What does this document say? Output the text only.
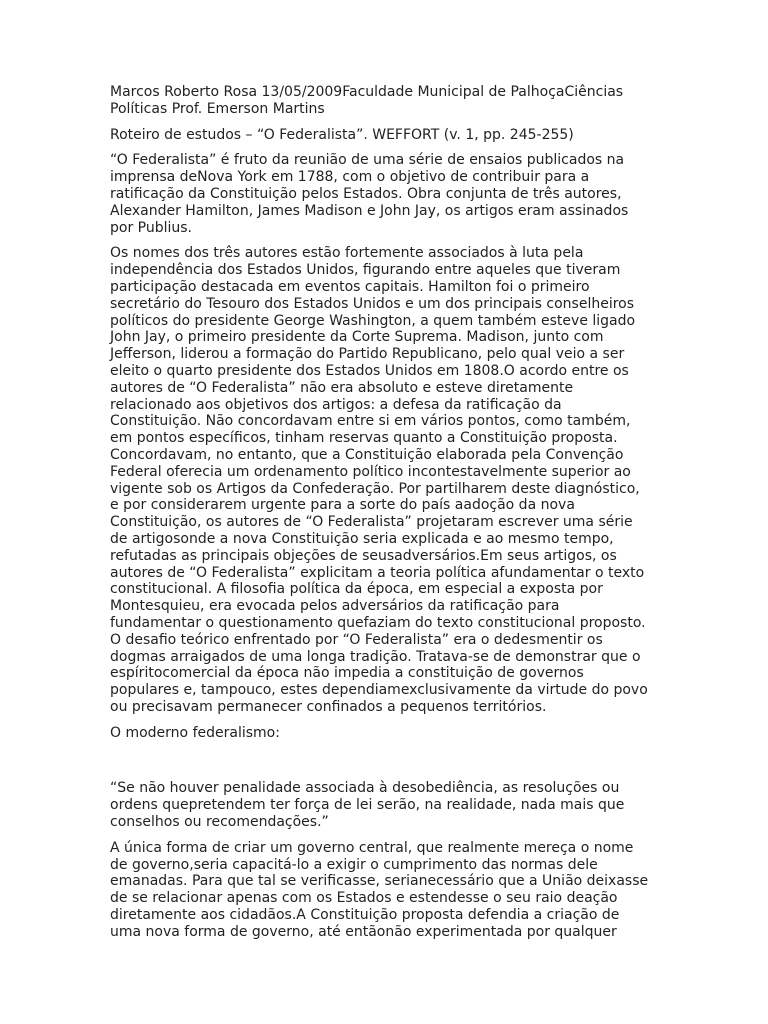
Marcos Roberto Rosa 13/05/2009Faculdade Municipal de PalhoçaCiências
Políticas Prof. Emerson Martins

Roteiro de estudos – “O Federalista”. WEFFORT (v. 1, pp. 245-255)

“O Federalista” é fruto da reunião de uma série de ensaios publicados na
imprensa deNova York em 1788, com o objetivo de contribuir para a
ratificação da Constituição pelos Estados. Obra conjunta de três autores,
Alexander Hamilton, James Madison e John Jay, os artigos eram assinados
por Publius.

Os nomes dos três autores estão fortemente associados à luta pela
independência dos Estados Unidos, figurando entre aqueles que tiveram
participação destacada em eventos capitais. Hamilton foi o primeiro
secretário do Tesouro dos Estados Unidos e um dos principais conselheiros
políticos do presidente George Washington, a quem também esteve ligado
John Jay, o primeiro presidente da Corte Suprema. Madison, junto com
Jefferson, liderou a formação do Partido Republicano, pelo qual veio a ser
eleito o quarto presidente dos Estados Unidos em 1808.O acordo entre os
autores de “O Federalista” não era absoluto e esteve diretamente
relacionado aos objetivos dos artigos: a defesa da ratificação da
Constituição. Não concordavam entre si em vários pontos, como também,
em pontos específicos, tinham reservas quanto a Constituição proposta.
Concordavam, no entanto, que a Constituição elaborada pela Convenção
Federal oferecia um ordenamento político incontestavelmente superior ao
vigente sob os Artigos da Confederação. Por partilharem deste diagnóstico,
e por considerarem urgente para a sorte do país aadoção da nova
Constituição, os autores de “O Federalista” projetaram escrever uma série
de artigosonde a nova Constituição seria explicada e ao mesmo tempo,
refutadas as principais objeções de seusadversários.Em seus artigos, os
autores de “O Federalista” explicitam a teoria política afundamentar o texto
constitucional. A filosofia política da época, em especial a exposta por
Montesquieu, era evocada pelos adversários da ratificação para
fundamentar o questionamento quefaziam do texto constitucional proposto.
O desafio teórico enfrentado por “O Federalista” era o dedesmentir os
dogmas arraigados de uma longa tradição. Tratava-se de demonstrar que o
espíritocomercial da época não impedia a constituição de governos
populares e, tampouco, estes dependiamexclusivamente da virtude do povo
ou precisavam permanecer confinados a pequenos territórios.

O moderno federalismo:

“Se não houver penalidade associada à desobediência, as resoluções ou
ordens quepretendem ter força de lei serão, na realidade, nada mais que
conselhos ou recomendações.”

A única forma de criar um governo central, que realmente mereça o nome
de governo,seria capacitá-lo a exigir o cumprimento das normas dele
emanadas. Para que tal se verificasse, serianecessário que a União deixasse
de se relacionar apenas com os Estados e estendesse o seu raio deação
diretamente aos cidadãos.A Constituição proposta defendia a criação de
uma nova forma de governo, até entãonão experimentada por qualquer
